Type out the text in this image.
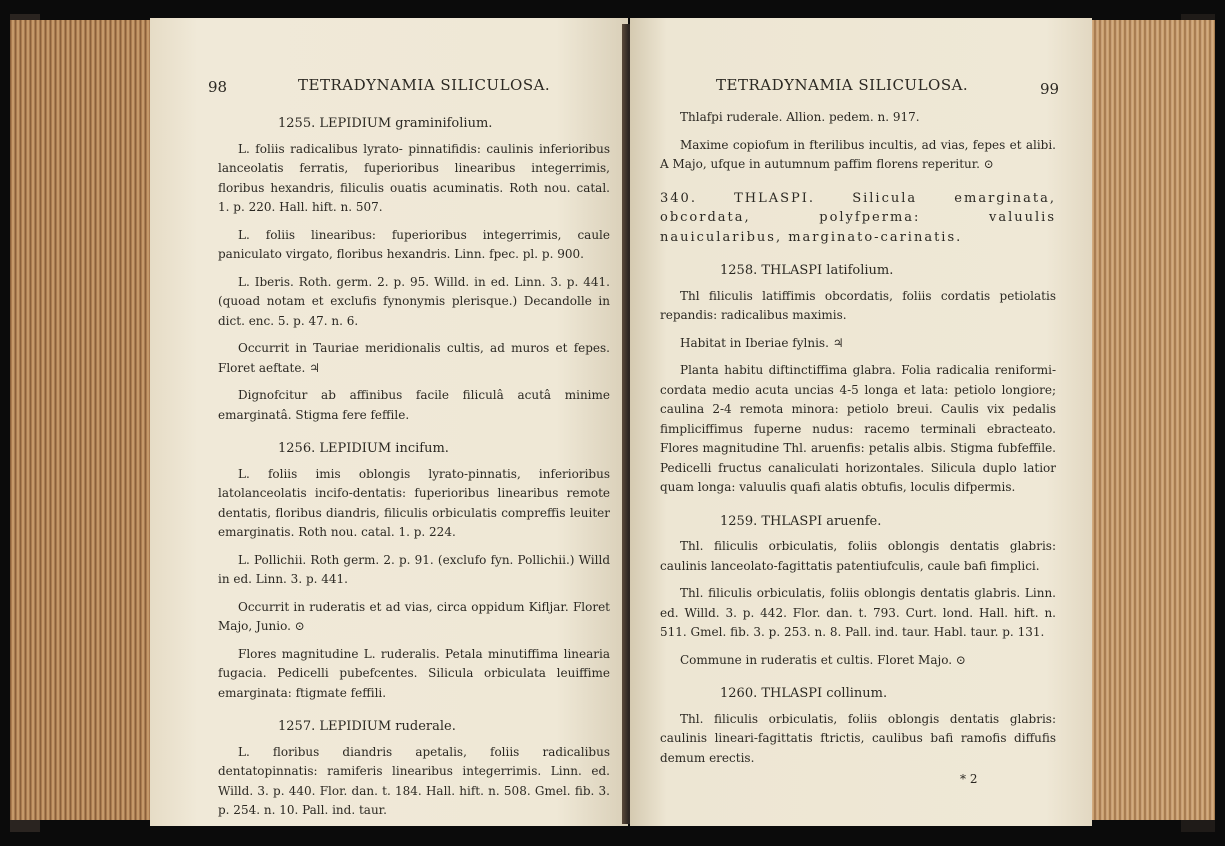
98	TETRADYNAMIA SILICULOSA.

1255. LEPIDIUM graminifolium.

L. foliis radicalibus lyrato- pinnatifidis: caulinis inferioribus lanceolatis ferratis, fuperioribus linearibus integerrimis, floribus hexandris, filiculis ouatis acuminatis. Roth nou. catal. 1. p. 220. Hall. hift. n. 507.

L. foliis linearibus: fuperioribus integerrimis, caule paniculato virgato, floribus hexandris. Linn. fpec. pl. p. 900.

L. Iberis. Roth. germ. 2. p. 95. Willd. in ed. Linn. 3. p. 441. (quoad notam et exclufis fynonymis plerisque.) Decandolle in dict. enc. 5. p. 47. n. 6.

Occurrit in Tauriae meridionalis cultis, ad muros et fepes. Floret aeftate. ♃

Dignofcitur ab affinibus facile filiculâ acutâ minime emarginatâ. Stigma fere feffile.

1256. LEPIDIUM incifum.

L. foliis imis oblongis lyrato-pinnatis, inferioribus latolanceolatis incifo-dentatis: fuperioribus linearibus remote dentatis, floribus diandris, filiculis orbiculatis compreffis leuiter emarginatis. Roth nou. catal. 1. p. 224.

L. Pollichii. Roth germ. 2. p. 91. (exclufo fyn. Pollichii.) Willd in ed. Linn. 3. p. 441.

Occurrit in ruderatis et ad vias, circa oppidum Kifljar. Floret Majo, Junio. ⊙

Flores magnitudine L. ruderalis. Petala minutiffima linearia fugacia. Pedicelli pubefcentes. Silicula orbiculata leuiffime emarginata: ftigmate feffili.

1257. LEPIDIUM ruderale.

L. floribus diandris apetalis, foliis radicalibus dentatopinnatis: ramiferis linearibus integerrimis. Linn. ed. Willd. 3. p. 440. Flor. dan. t. 184. Hall. hift. n. 508. Gmel. fib. 3. p. 254. n. 10. Pall. ind. taur.

TETRADYNAMIA SILICULOSA.	99

Thlafpi ruderale. Allion. pedem. n. 917.

Maxime copiofum in fterilibus incultis, ad vias, fepes et alibi. A Majo, ufque in autumnum paffim florens reperitur. ⊙

340. THLASPI. Silicula emarginata, obcordata, polyfperma: valuulis nauicularibus, marginato-carinatis.

1258. THLASPI latifolium.

Thl filiculis latiffimis obcordatis, foliis cordatis petiolatis repandis: radicalibus maximis.

Habitat in Iberiae fylnis. ♃

Planta habitu diftinctiffima glabra. Folia radicalia reniformi-cordata medio acuta uncias 4-5 longa et lata: petiolo longiore; caulina 2-4 remota minora: petiolo breui. Caulis vix pedalis fimpliciffimus fuperne nudus: racemo terminali ebracteato. Flores magnitudine Thl. aruenfis: petalis albis. Stigma fubfeffile. Pedicelli fructus canaliculati horizontales. Silicula duplo latior quam longa: valuulis quafi alatis obtufis, loculis difpermis.

1259. THLASPI aruenfe.

Thl. filiculis orbiculatis, foliis oblongis dentatis glabris: caulinis lanceolato-fagittatis patentiufculis, caule bafi fimplici.

Thl. filiculis orbiculatis, foliis oblongis dentatis glabris. Linn. ed. Willd. 3. p. 442. Flor. dan. t. 793. Curt. lond. Hall. hift. n. 511. Gmel. fib. 3. p. 253. n. 8. Pall. ind. taur. Habl. taur. p. 131.

Commune in ruderatis et cultis. Floret Majo. ⊙

1260. THLASPI collinum.

Thl. filiculis orbiculatis, foliis oblongis dentatis glabris: caulinis lineari-fagittatis ftrictis, caulibus bafi ramofis diffufis demum erectis.

* 2
